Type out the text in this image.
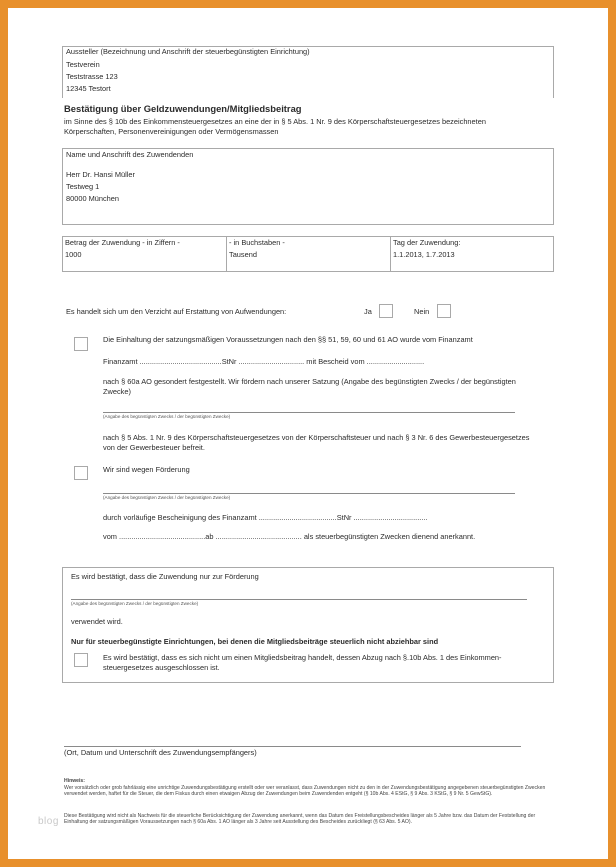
Aussteller (Bezeichnung und Anschrift der steuerbegünstigten Einrichtung)
Testverein
Teststrasse 123
12345 Testort
Bestätigung über Geldzuwendungen/Mitgliedsbeitrag
im Sinne des § 10b des Einkommensteuergesetzes an eine der in § 5 Abs. 1 Nr. 9 des Körperschaftsteuergesetzes bezeichneten
Körperschaften, Personenvereinigungen oder Vermögensmassen
Name und Anschrift des Zuwendenden
Herr Dr. Hansi Müller
Testweg 1
80000 München
Betrag der Zuwendung - in Ziffern -
1000
- in Buchstaben -
Tausend
Tag der Zuwendung:
1.1.2013, 1.7.2013
Es handelt sich um den Verzicht auf Erstattung von Aufwendungen:	Ja	Nein
Die Einhaltung der satzungsmäßigen Voraussetzungen nach den §§ 51, 59, 60 und 61 AO wurde vom Finanzamt
Finanzamt ........................................StNr ................................ mit Bescheid vom ............................
nach § 60a AO gesondert festgestellt. Wir fördern nach unserer Satzung (Angabe des begünstigten Zwecks / der begünstigten
Zwecke)
(Angabe des begünstigten Zwecks / der begünstigten Zwecke)
nach § 5 Abs. 1 Nr. 9 des Körperschaftsteuergesetzes von der Körperschaftsteuer und nach § 3 Nr. 6 des Gewerbesteuergesetzes
von der Gewerbesteuer befreit.
Wir sind wegen Förderung
(Angabe des begünstigten Zwecks / der begünstigten Zwecke)
durch vorläufige Bescheinigung des Finanzamt ......................................StNr ....................................
vom ..........................................ab .......................................... als steuerbegünstigten Zwecken dienend anerkannt.
Es wird bestätigt, dass die Zuwendung nur zur Förderung
(Angabe des begünstigten Zwecks / der begünstigten Zwecke)
verwendet wird.
Nur für steuerbegünstigte Einrichtungen, bei denen die Mitgliedsbeiträge steuerlich nicht abziehbar sind
Es wird bestätigt, dass es sich nicht um einen Mitgliedsbeitrag handelt, dessen Abzug nach §.10b Abs. 1 des Einkommen-
steuergesetzes ausgeschlossen ist.
(Ort, Datum und Unterschrift des Zuwendungsempfängers)
Hinweis:
Wer vorsätzlich oder grob fahrlässig eine unrichtige Zuwendungsbestätigung erstellt oder wer veranlasst, dass Zuwendungen nicht zu den in der Zuwendungsbestätigung angegebenen steuerbegünstigten Zwecken verwendet werden, haftet für die Steuer, die dem Fiskus durch einen etwaigen Abzug der Zuwendungen beim Zuwendenden entgeht (§ 10b Abs. 4 EStG, § 9 Abs. 3 KStG, § 9 Nr. 5 GewStG).
Diese Bestätigung wird nicht als Nachweis für die steuerliche Berücksichtigung der Zuwendung anerkannt, wenn das Datum des Freistellungsbescheides länger als 5 Jahre bzw. das Datum der Feststellung der Einhaltung der satzungsmäßigen Voraussetzungen nach § 60a Abs. 1 AO länger als 3 Jahre seit Ausstellung des Bescheides zurückliegt (§ 63 Abs. 5 AO).
blog
